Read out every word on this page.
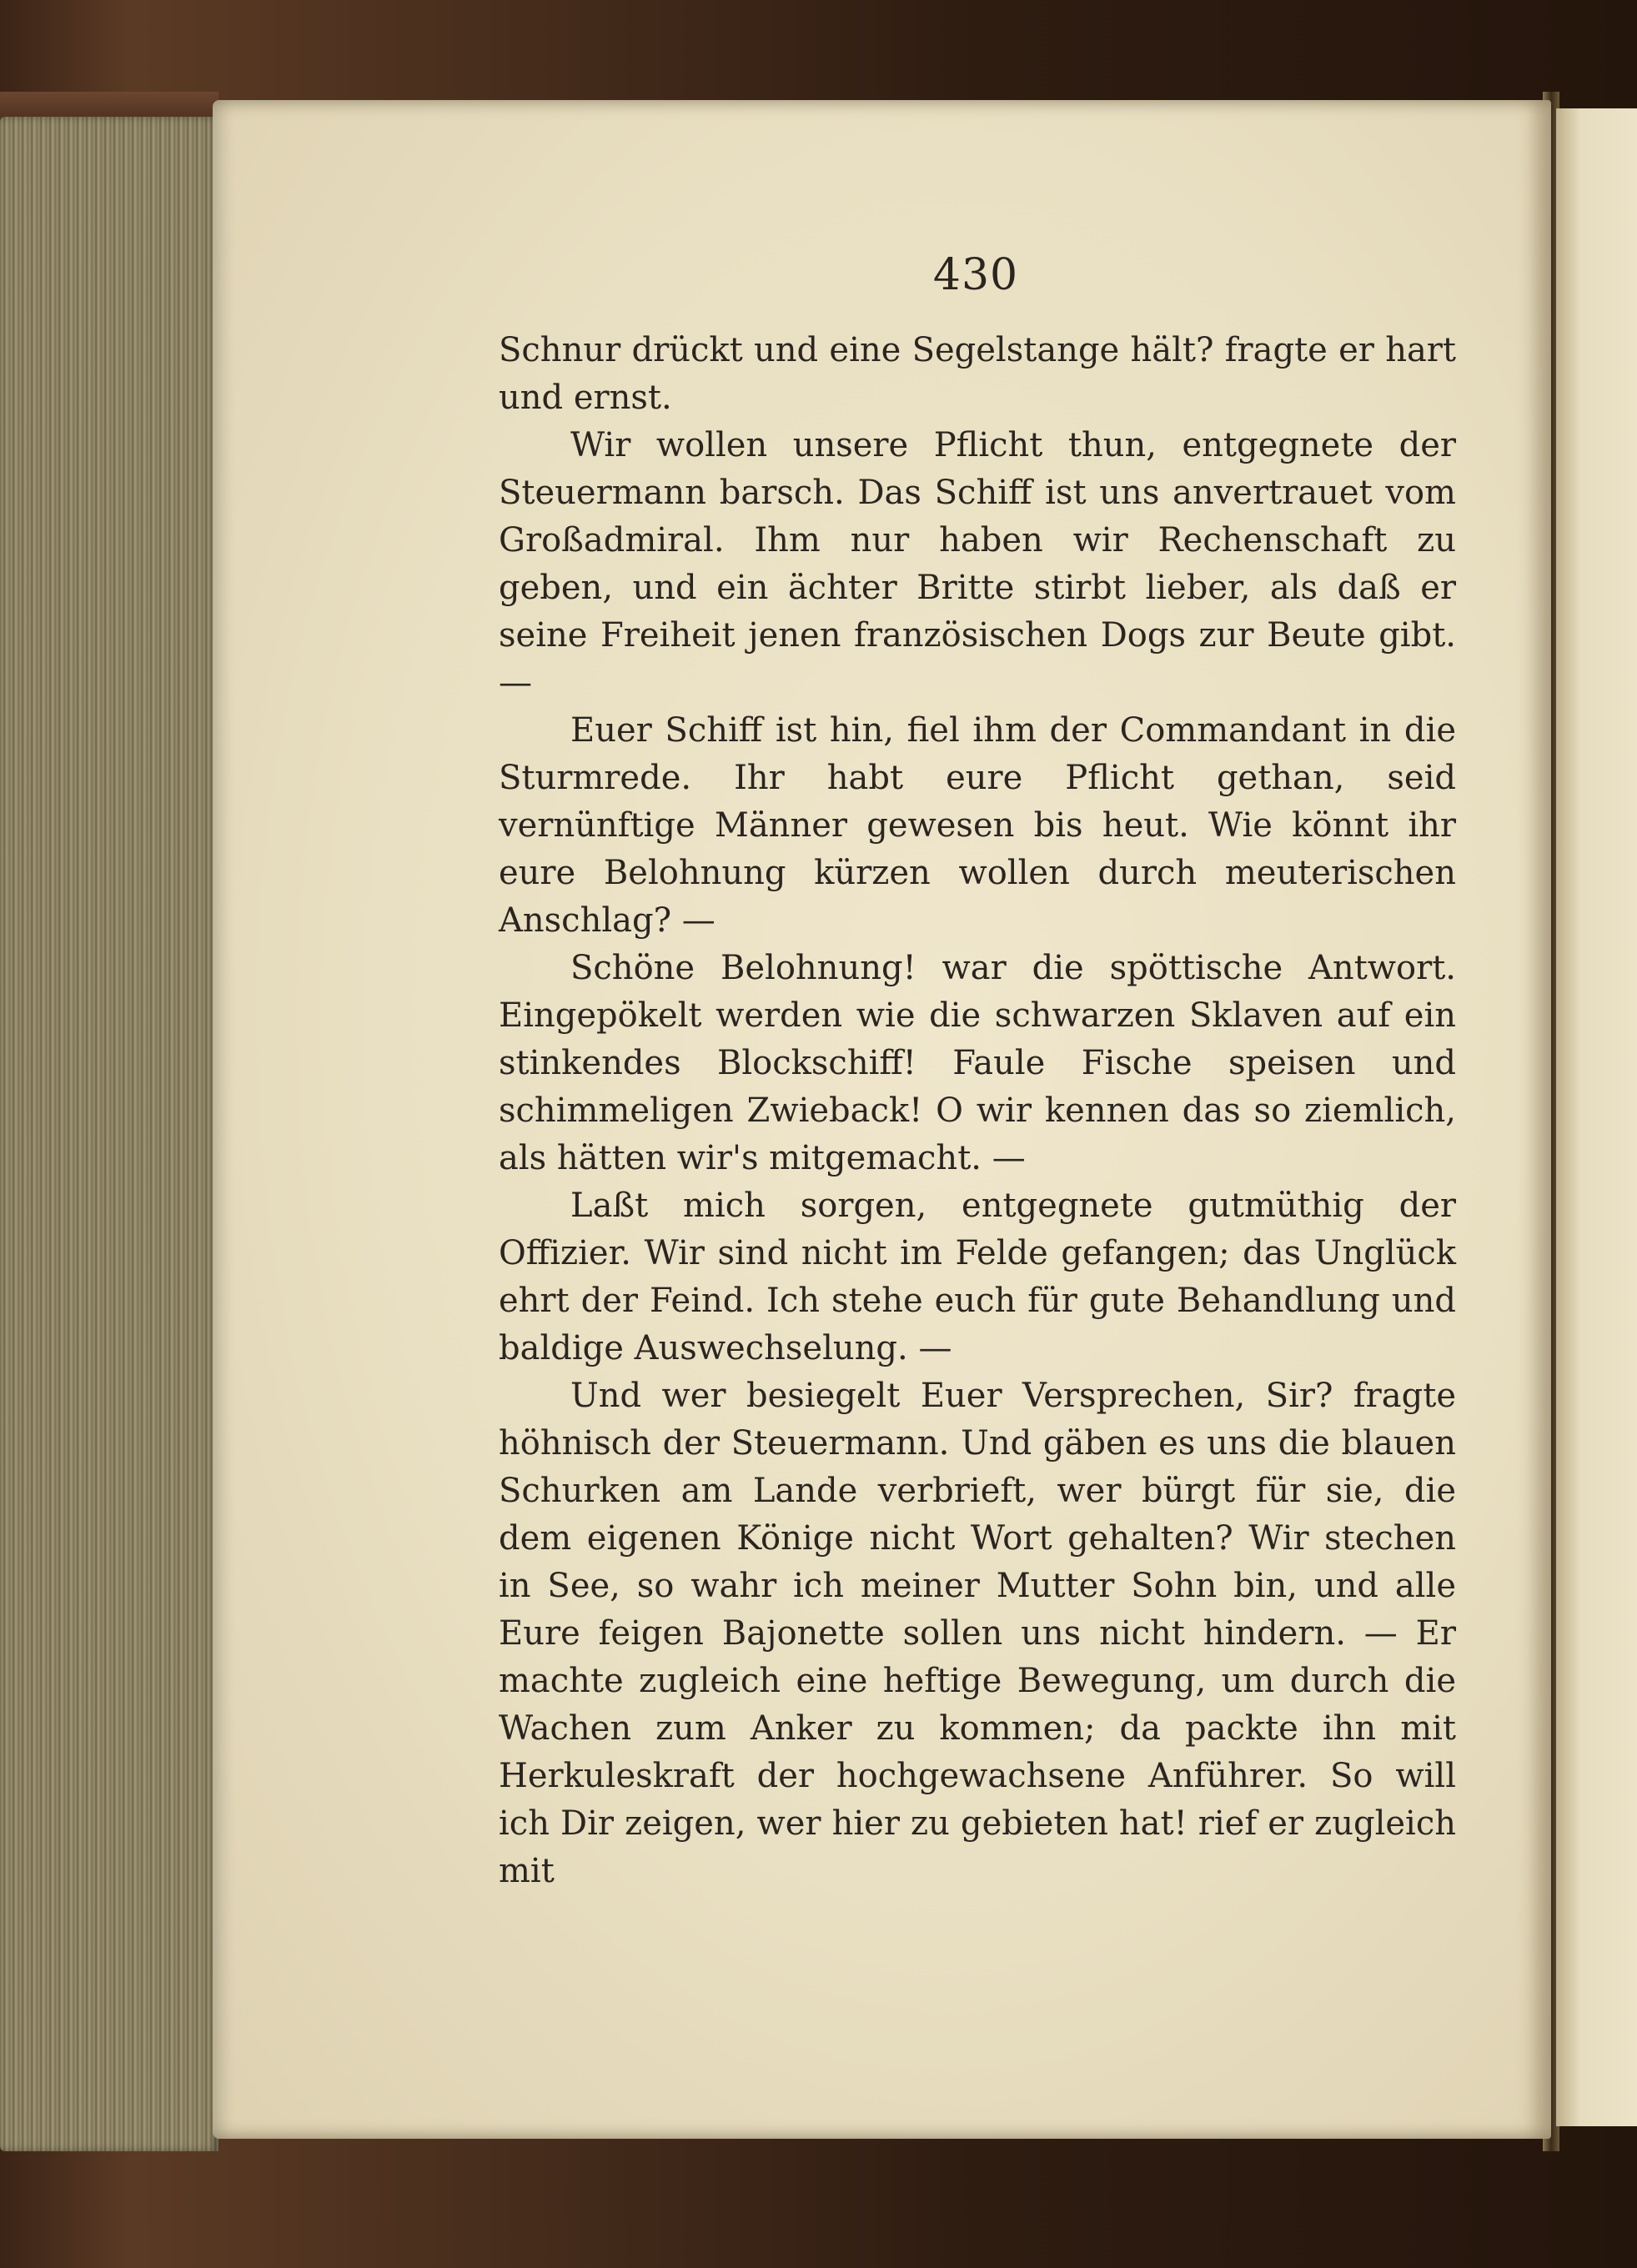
430

Schnur drückt und eine Segelstange hält? fragte er hart und ernst.

Wir wollen unsere Pflicht thun, entgegnete der Steuermann barsch. Das Schiff ist uns anvertrauet vom Großadmiral. Ihm nur haben wir Rechenschaft zu geben, und ein ächter Britte stirbt lieber, als daß er seine Freiheit jenen französischen Dogs zur Beute gibt. —

Euer Schiff ist hin, fiel ihm der Commandant in die Sturmrede. Ihr habt eure Pflicht gethan, seid vernünftige Männer gewesen bis heut. Wie könnt ihr eure Belohnung kürzen wollen durch meuterischen Anschlag? —

Schöne Belohnung! war die spöttische Antwort. Eingepökelt werden wie die schwarzen Sklaven auf ein stinkendes Blockschiff! Faule Fische speisen und schimmeligen Zwieback! O wir kennen das so ziemlich, als hätten wir's mitgemacht. —

Laßt mich sorgen, entgegnete gutmüthig der Offizier. Wir sind nicht im Felde gefangen; das Unglück ehrt der Feind. Ich stehe euch für gute Behandlung und baldige Auswechselung. —

Und wer besiegelt Euer Versprechen, Sir? fragte höhnisch der Steuermann. Und gäben es uns die blauen Schurken am Lande verbrieft, wer bürgt für sie, die dem eigenen Könige nicht Wort gehalten? Wir stechen in See, so wahr ich meiner Mutter Sohn bin, und alle Eure feigen Bajonette sollen uns nicht hindern. — Er machte zugleich eine heftige Bewegung, um durch die Wachen zum Anker zu kommen; da packte ihn mit Herkuleskraft der hochgewachsene Anführer. So will ich Dir zeigen, wer hier zu gebieten hat! rief er zugleich mit
